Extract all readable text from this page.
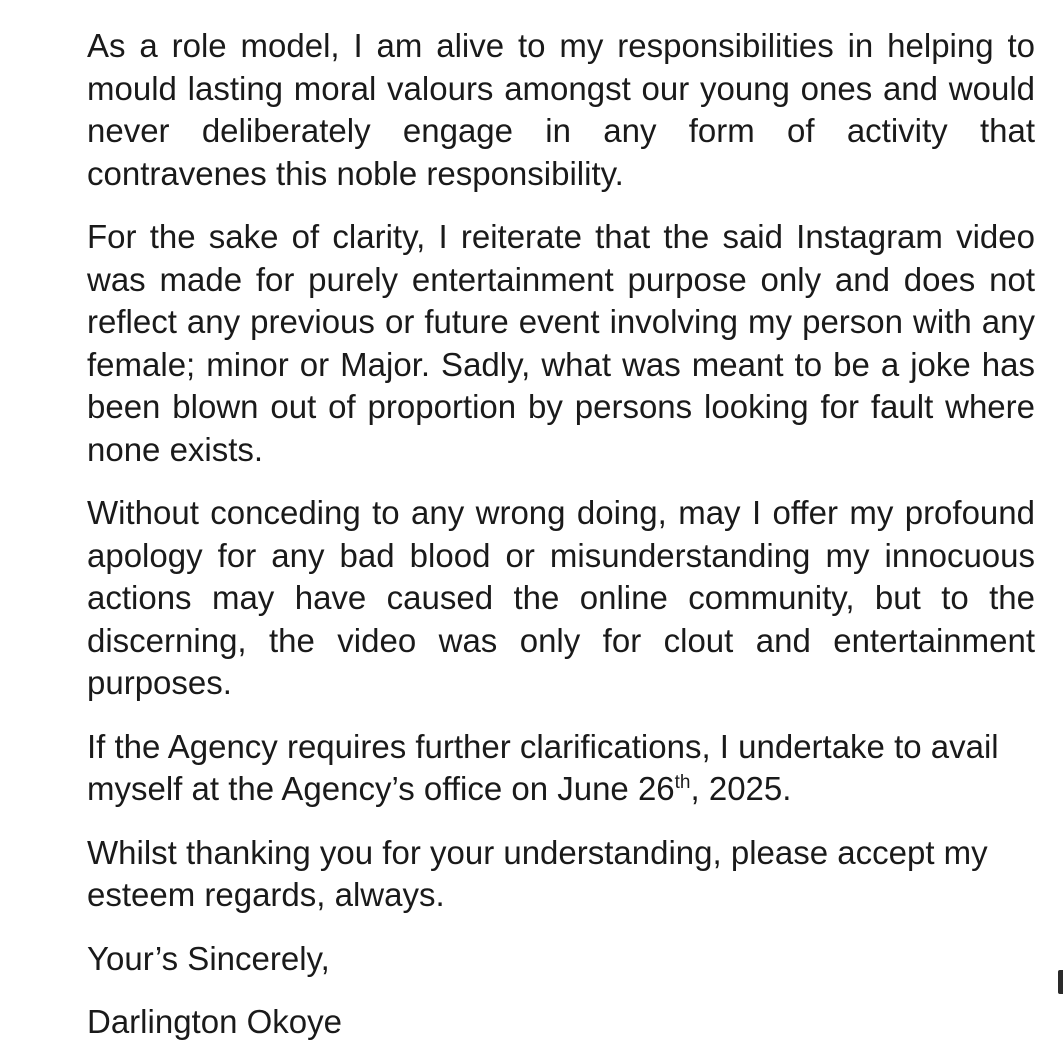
As a role model, I am alive to my responsibilities in helping to mould lasting moral valours amongst our young ones and would never deliberately engage in any form of activity that contravenes this noble responsibility.

For the sake of clarity, I reiterate that the said Instagram video was made for purely entertainment purpose only and does not reflect any previous or future event involving my person with any female; minor or Major. Sadly, what was meant to be a joke has been blown out of proportion by persons looking for fault where none exists.

Without conceding to any wrong doing, may I offer my profound apology for any bad blood or misunderstanding my innocuous actions may have caused the online community, but to the discerning, the video was only for clout and entertainment purposes.

If the Agency requires further clarifications, I undertake to avail myself at the Agency’s office on June 26th, 2025.

Whilst thanking you for your understanding, please accept my esteem regards, always.

Your’s Sincerely,

Darlington Okoye
